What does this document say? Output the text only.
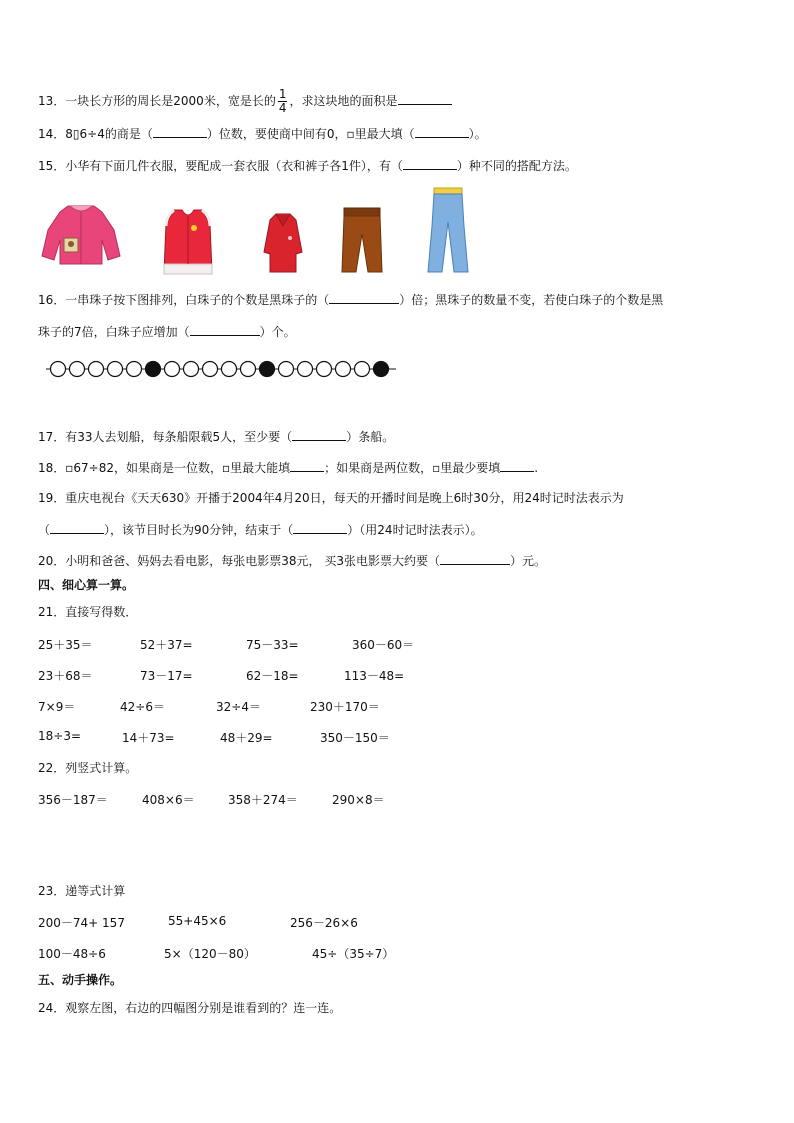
13．一块长方形的周长是2000米，宽是长的 $\frac{1}{4}$ ，求这块地的面积是
14．8▯6÷4的商是（	）位数，要使商中间有0，▫里最大填（	）。
15．小华有下面几件衣服，要配成一套衣服（衣和裤子各1件），有（	）种不同的搭配方法。
16．一串珠子按下图排列，白珠子的个数是黑珠子的（	）倍；黑珠子的数量不变，若使白珠子的个数是黑
珠子的7倍，白珠子应增加（	）个。
17．有33人去划船，每条船限载5人，至少要（	）条船。
18．▫67÷82，如果商是一位数，▫里最大能填	；如果商是两位数，▫里最少要填	.
19．重庆电视台《天天630》开播于2004年4月20日，每天的开播时间是晚上6时30分，用24时记时法表示为
（	），该节目时长为90分钟，结束于（	）（用24时记时法表示）。
20．小明和爸爸、妈妈去看电影，每张电影票38元， 买3张电影票大约要（	）元。
四、细心算一算。
21．直接写得数．
25＋35＝	52＋37=	75－33=	360－60＝
23＋68＝	73－17=	62－18=	113－48=
7×9＝	42÷6＝	32÷4＝	230＋170＝
18÷3=	14＋73=	48＋29=	350－150＝
22．列竖式计算。
356－187＝	408×6＝	358＋274＝	290×8＝
23．递等式计算
200－74+ 157	55+45×6	256－26×6
100－48÷6	5×（120－80）	45÷（35÷7）
五、动手操作。
24．观察左图，右边的四幅图分别是谁看到的？连一连。
